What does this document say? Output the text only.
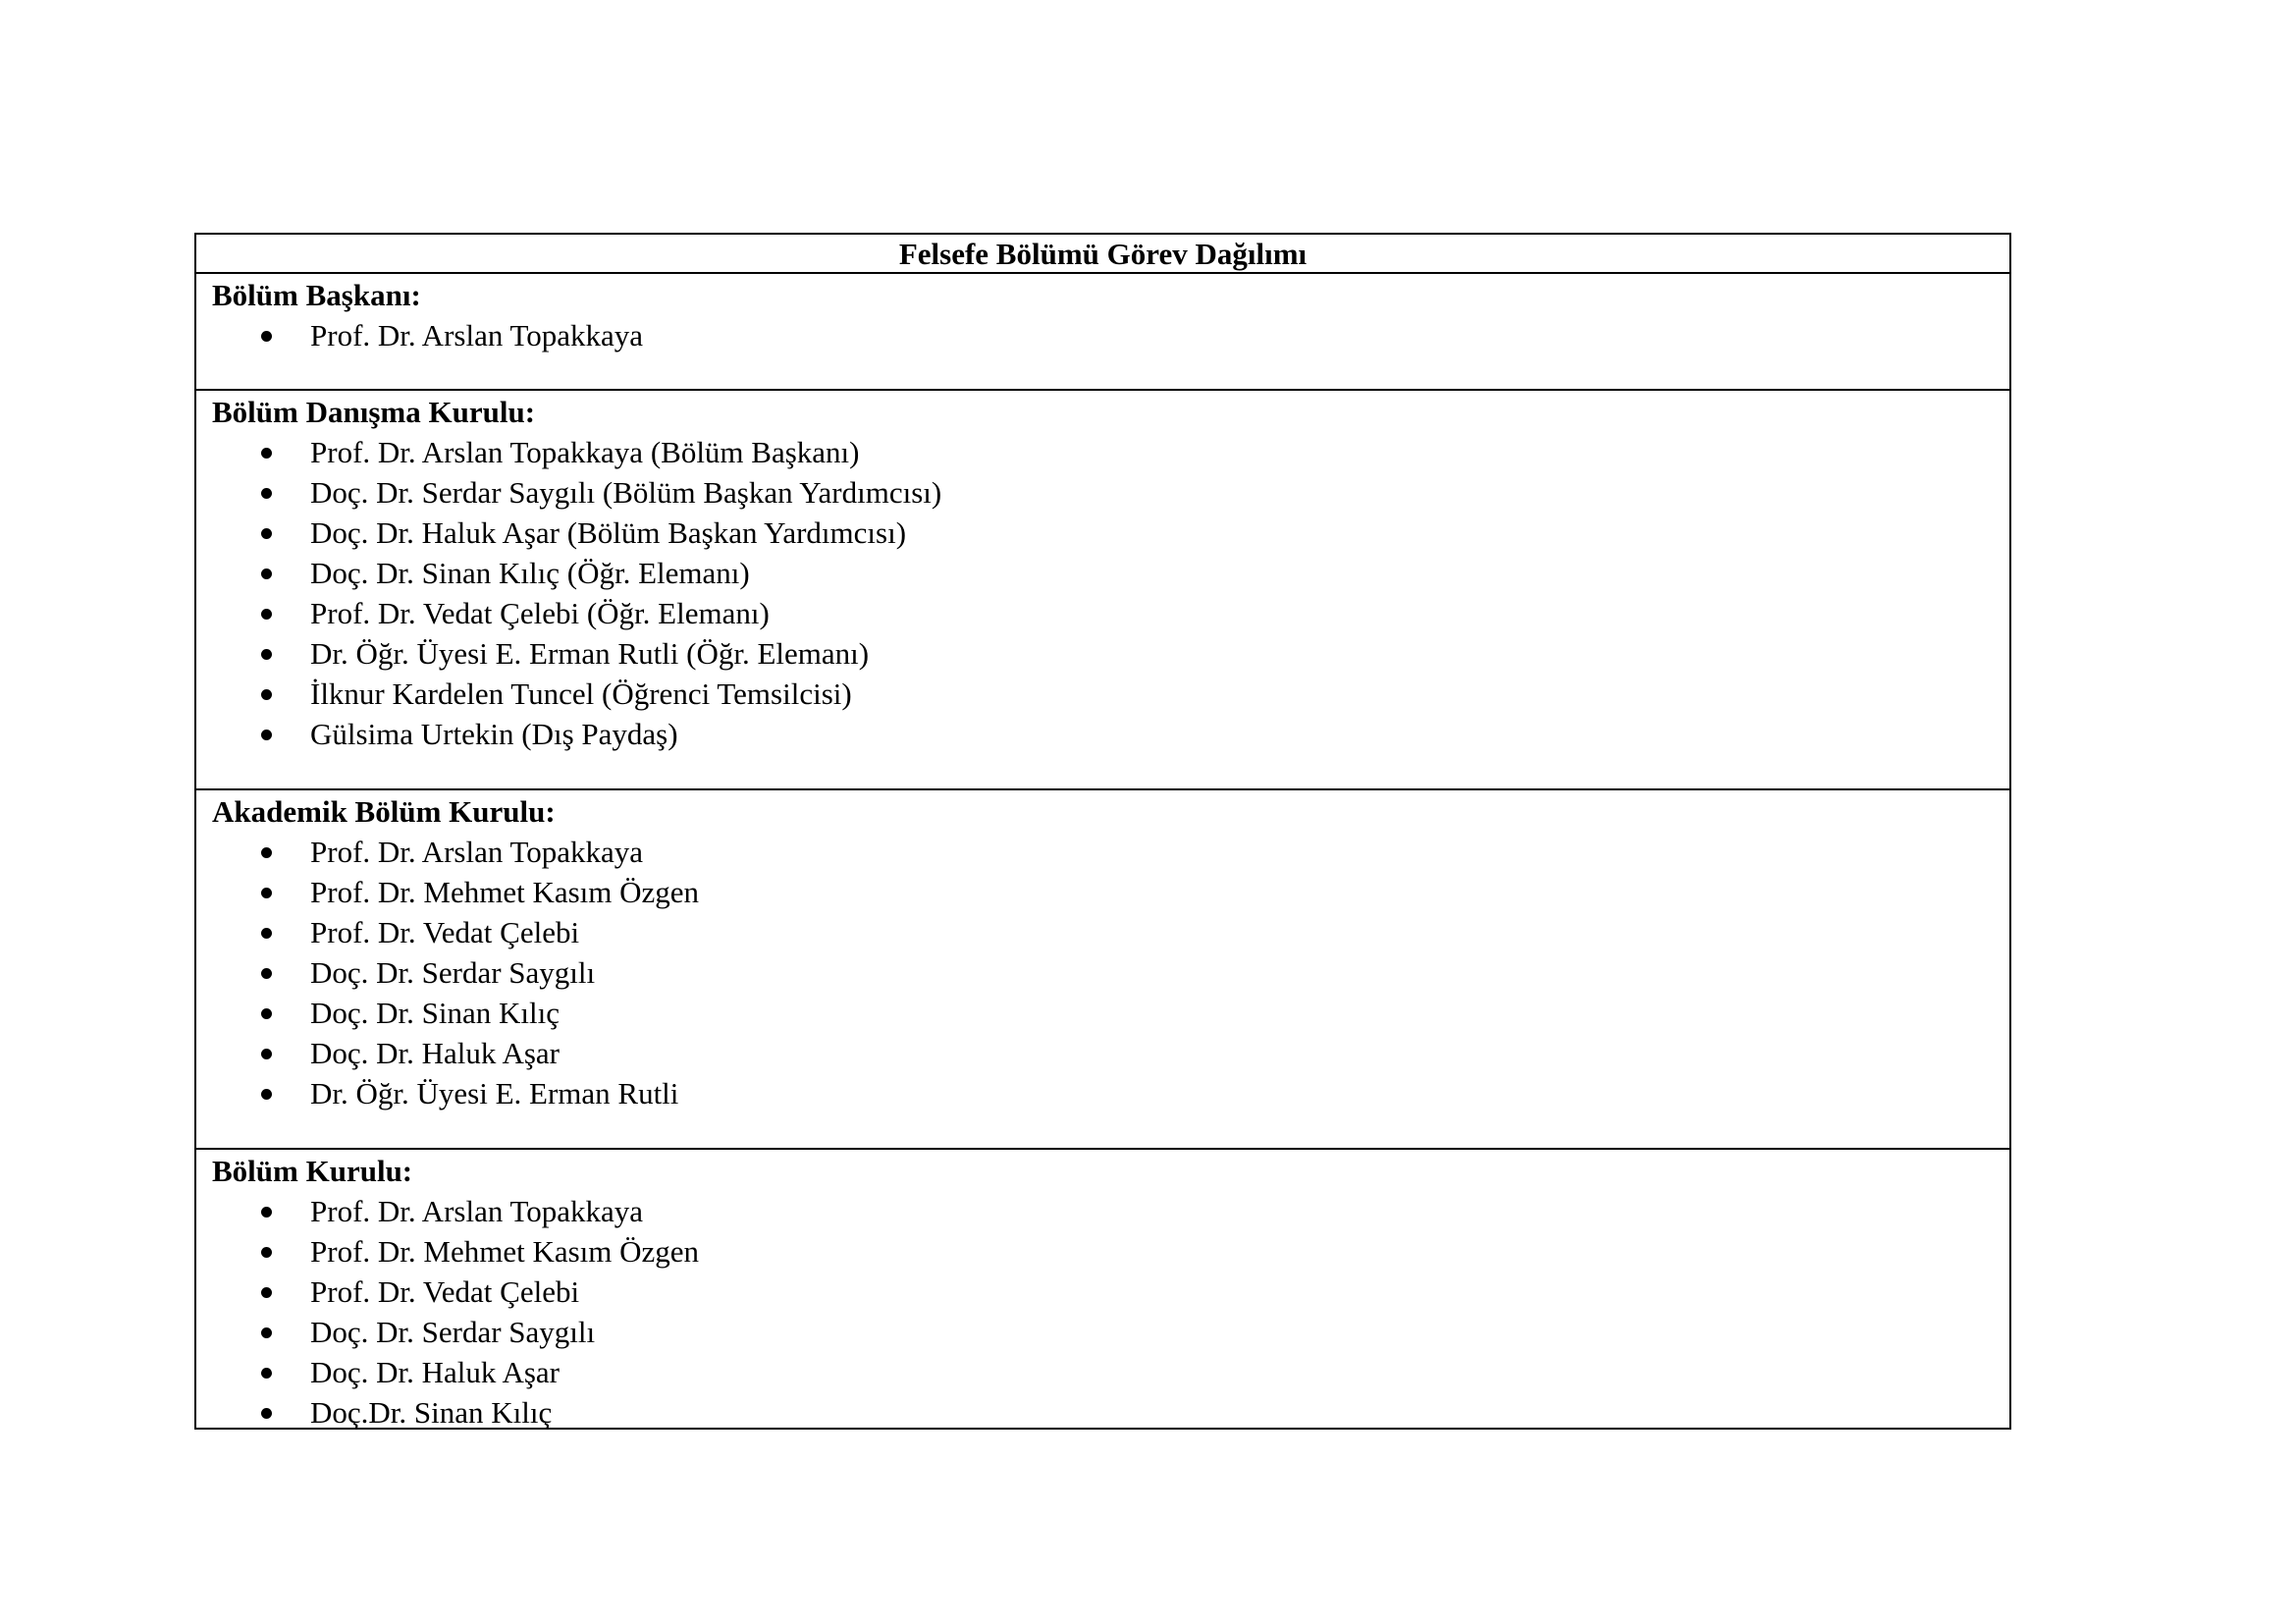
Felsefe Bölümü Görev Dağılımı
Bölüm Başkanı:
Prof. Dr. Arslan Topakkaya
Bölüm Danışma Kurulu:
Prof. Dr. Arslan Topakkaya (Bölüm Başkanı)
Doç. Dr. Serdar Saygılı (Bölüm Başkan Yardımcısı)
Doç. Dr. Haluk Aşar (Bölüm Başkan Yardımcısı)
Doç. Dr. Sinan Kılıç (Öğr. Elemanı)
Prof. Dr. Vedat Çelebi (Öğr. Elemanı)
Dr. Öğr. Üyesi E. Erman Rutli (Öğr. Elemanı)
İlknur Kardelen Tuncel (Öğrenci Temsilcisi)
Gülsima Urtekin (Dış Paydaş)
Akademik Bölüm Kurulu:
Prof. Dr. Arslan Topakkaya
Prof. Dr. Mehmet Kasım Özgen
Prof. Dr. Vedat Çelebi
Doç. Dr. Serdar Saygılı
Doç. Dr. Sinan Kılıç
Doç. Dr. Haluk Aşar
Dr. Öğr. Üyesi E. Erman Rutli
Bölüm Kurulu:
Prof. Dr. Arslan Topakkaya
Prof. Dr. Mehmet Kasım Özgen
Prof. Dr. Vedat Çelebi
Doç. Dr. Serdar Saygılı
Doç. Dr. Haluk Aşar
Doç.Dr. Sinan Kılıç
